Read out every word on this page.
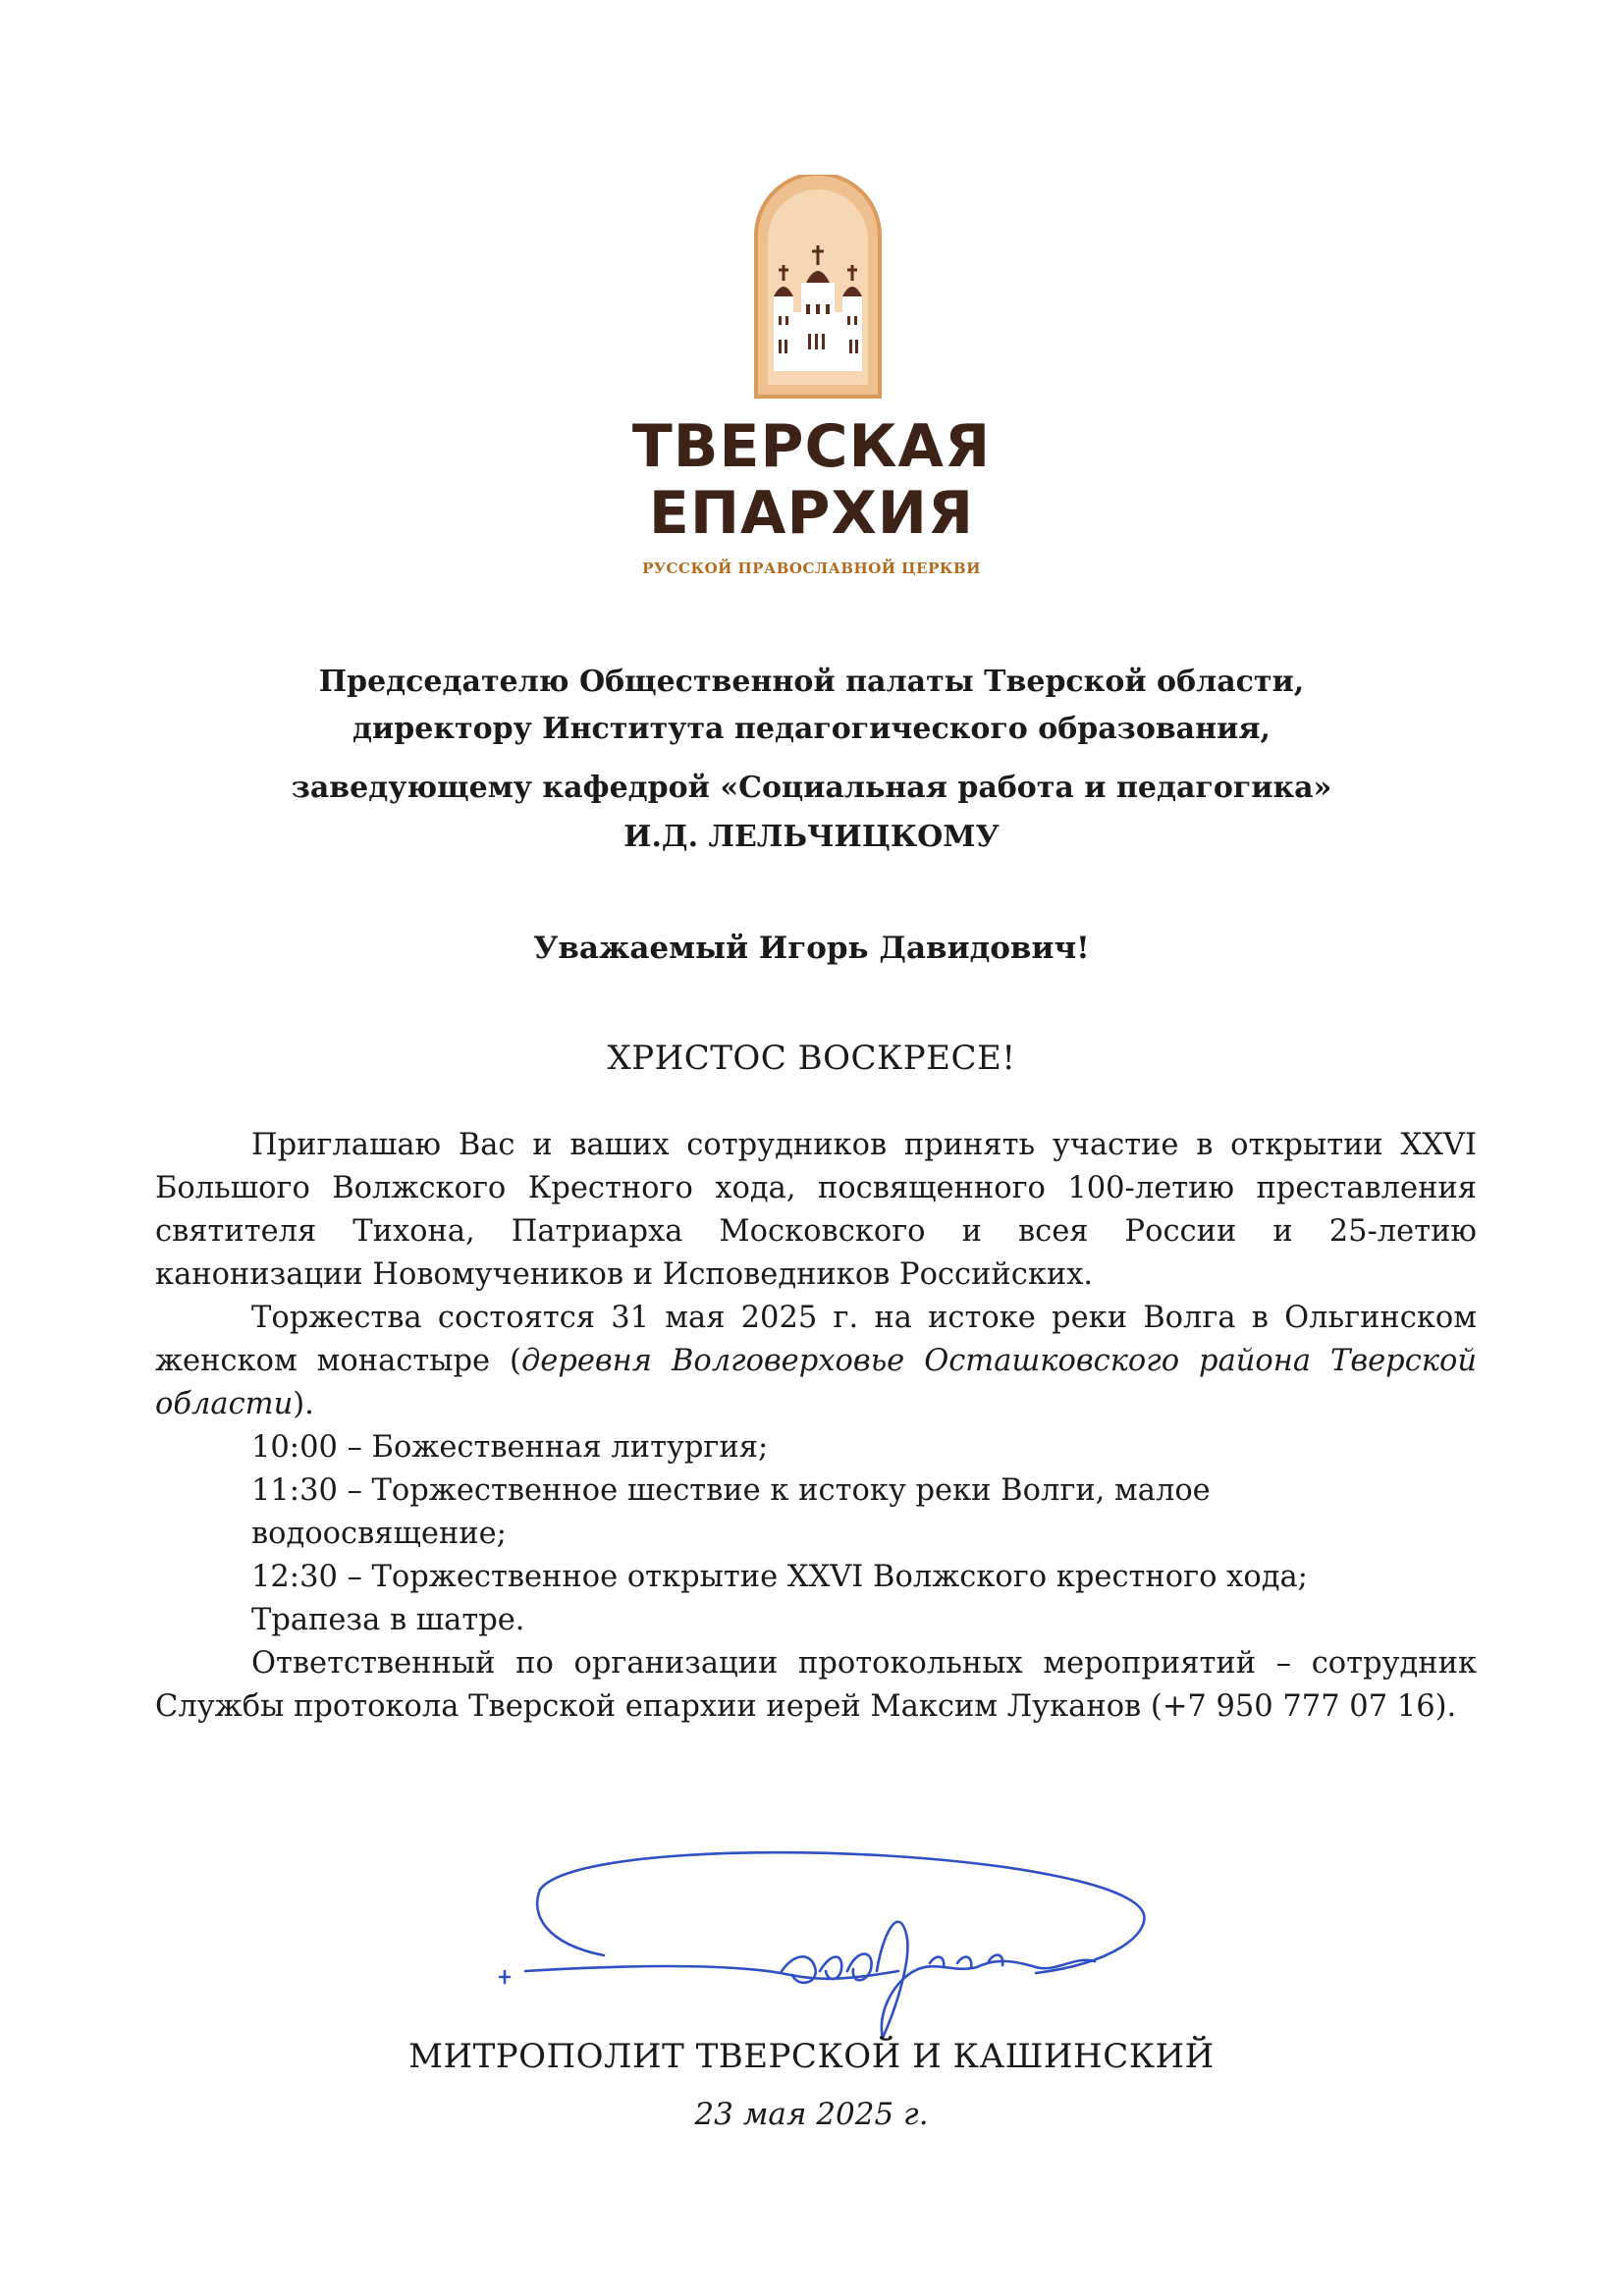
ТВЕРСКАЯ
ЕПАРХИЯ
РУССКОЙ ПРАВОСЛАВНОЙ ЦЕРКВИ
Председателю Общественной палаты Тверской области,
директору Института педагогического образования,
заведующему кафедрой «Социальная работа и педагогика»
И.Д. ЛЕЛЬЧИЦКОМУ
Уважаемый Игорь Давидович!
ХРИСТОС ВОСКРЕСЕ!

Приглашаю Вас и ваших сотрудников принять участие в открытии XXVI Большого Волжского Крестного хода, посвященного 100-летию преставления святителя Тихона, Патриарха Московского и всея России и 25-летию канонизации Новомучеников и Исповедников Российских.

Торжества состоятся 31 мая 2025 г. на истоке реки Волга в Ольгинском женском монастыре (деревня Волговерховье Осташковского района Тверской области).

10:00 – Божественная литургия;

11:30 – Торжественное шествие к истоку реки Волги, малое

водоосвящение;

12:30 – Торжественное открытие XXVI Волжского крестного хода;

Трапеза в шатре.

Ответственный по организации протокольных мероприятий – сотрудник Службы протокола Тверской епархии иерей Максим Луканов (+7 950 777 07 16).

МИТРОПОЛИТ ТВЕРСКОЙ И КАШИНСКИЙ
23 мая 2025 г.
